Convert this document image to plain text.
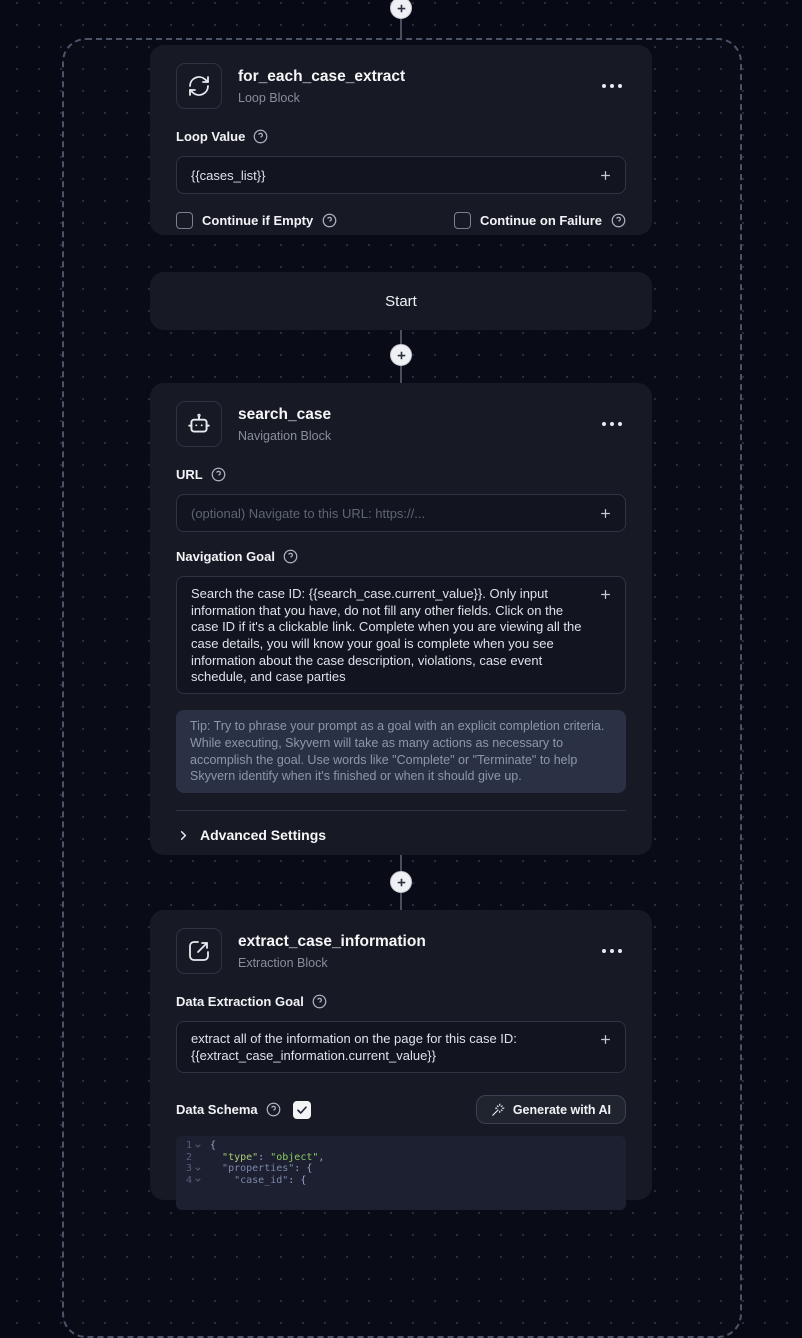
for_each_case_extract
Loop Block
Loop Value
{{cases_list}}
Continue if Empty	Continue on Failure
Start
search_case
Navigation Block
URL
(optional) Navigate to this URL: https://...
Navigation Goal
Search the case ID: {{search_case.current_value}}. Only input information that you have, do not fill any other fields. Click on the case ID if it's a clickable link. Complete when you are viewing all the case details, you will know your goal is complete when you see information about the case description, violations, case event schedule, and case parties
Tip: Try to phrase your prompt as a goal with an explicit completion criteria. While executing, Skyvern will take as many actions as necessary to accomplish the goal. Use words like "Complete" or "Terminate" to help Skyvern identify when it's finished or when it should give up.
Advanced Settings
extract_case_information
Extraction Block
Data Extraction Goal
extract all of the information on the page for this case ID: {{extract_case_information.current_value}}
Data Schema	Generate with AI
1 {
2	"type": "object",
3	"properties": {
4	"case_id": {
